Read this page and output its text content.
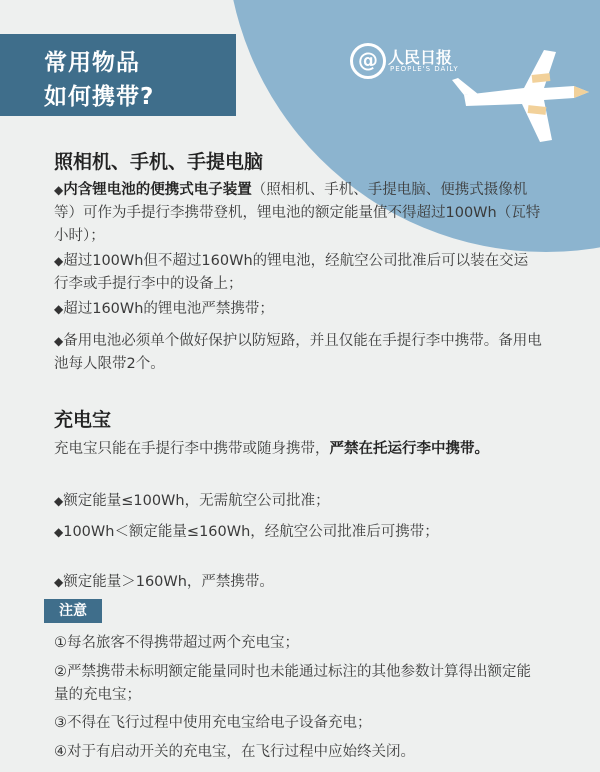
常用物品
如何携带?
@ 人民日报
PEOPLE'S DAILY
照相机、手机、手提电脑
◆内含锂电池的便携式电子装置（照相机、手机、手提电脑、便携式摄像机等）可作为手提行李携带登机，锂电池的额定能量值不得超过100Wh（瓦特小时）；
◆超过100Wh但不超过160Wh的锂电池，经航空公司批准后可以装在交运行李或手提行李中的设备上；
◆超过160Wh的锂电池严禁携带；
◆备用电池必须单个做好保护以防短路，并且仅能在手提行李中携带。备用电池每人限带2个。
充电宝
充电宝只能在手提行李中携带或随身携带，严禁在托运行李中携带。
◆额定能量≤100Wh，无需航空公司批准；
◆100Wh＜额定能量≤160Wh，经航空公司批准后可携带；
◆额定能量＞160Wh，严禁携带。
注意
①每名旅客不得携带超过两个充电宝；
②严禁携带未标明额定能量同时也未能通过标注的其他参数计算得出额定能量的充电宝；
③不得在飞行过程中使用充电宝给电子设备充电；
④对于有启动开关的充电宝，在飞行过程中应始终关闭。
